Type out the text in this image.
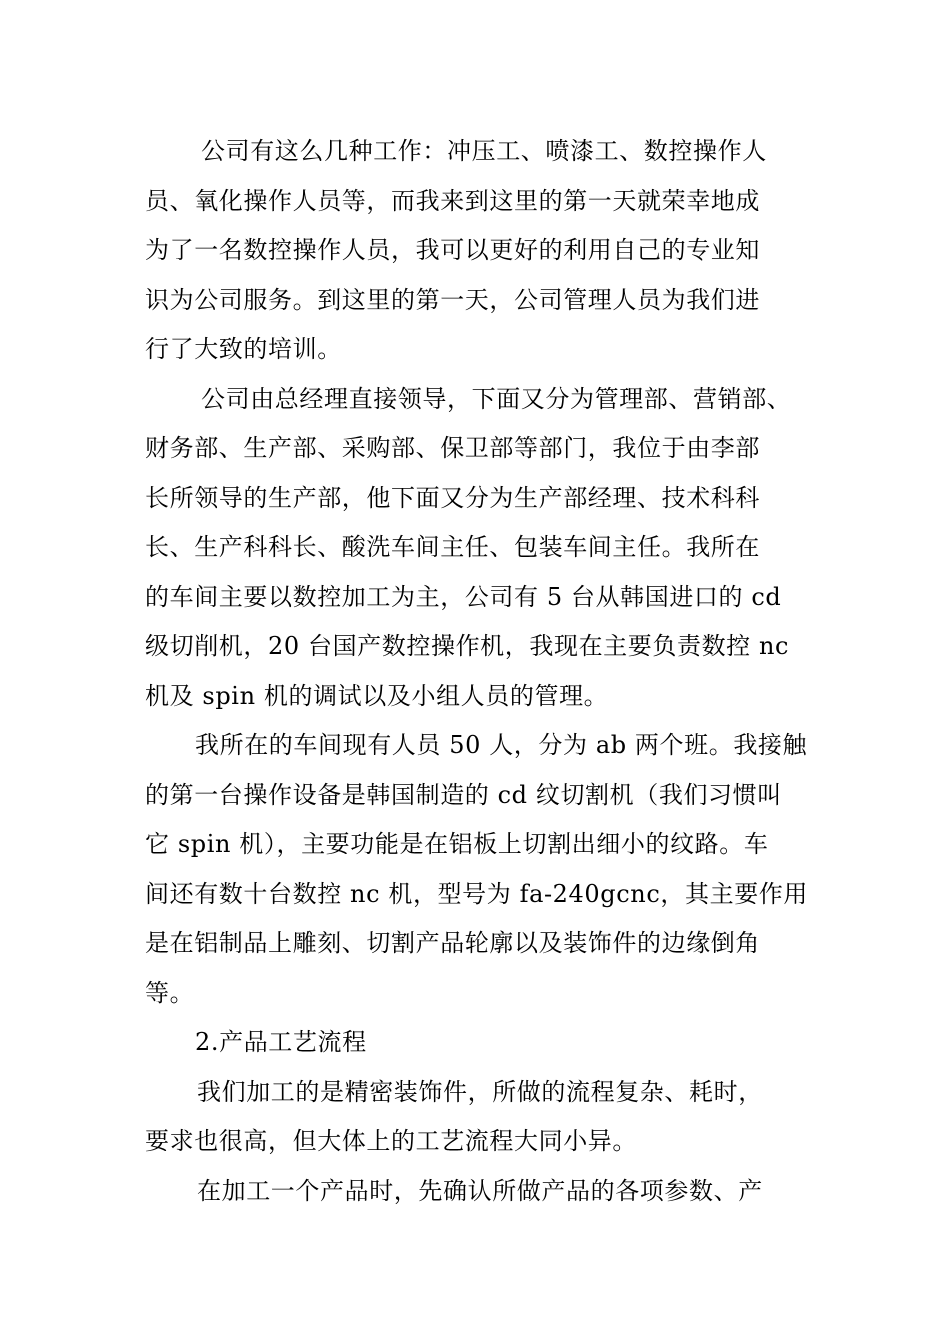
公司有这么几种工作：冲压工、喷漆工、数控操作人
员、氧化操作人员等，而我来到这里的第一天就荣幸地成
为了一名数控操作人员，我可以更好的利用自己的专业知
识为公司服务。到这里的第一天，公司管理人员为我们进
行了大致的培训。

公司由总经理直接领导，下面又分为管理部、营销部、
财务部、生产部、采购部、保卫部等部门，我位于由李部
长所领导的生产部，他下面又分为生产部经理、技术科科
长、生产科科长、酸洗车间主任、包装车间主任。我所在
的车间主要以数控加工为主，公司有 5 台从韩国进口的 cd
级切削机，20 台国产数控操作机，我现在主要负责数控 nc
机及 spin 机的调试以及小组人员的管理。

我所在的车间现有人员 50 人，分为 ab 两个班。我接触
的第一台操作设备是韩国制造的 cd 纹切割机（我们习惯叫
它 spin 机），主要功能是在铝板上切割出细小的纹路。车
间还有数十台数控 nc 机，型号为 fa-240gcnc，其主要作用
是在铝制品上雕刻、切割产品轮廓以及装饰件的边缘倒角
等。

2.产品工艺流程

我们加工的是精密装饰件，所做的流程复杂、耗时，
要求也很高，但大体上的工艺流程大同小异。

在加工一个产品时，先确认所做产品的各项参数、产
